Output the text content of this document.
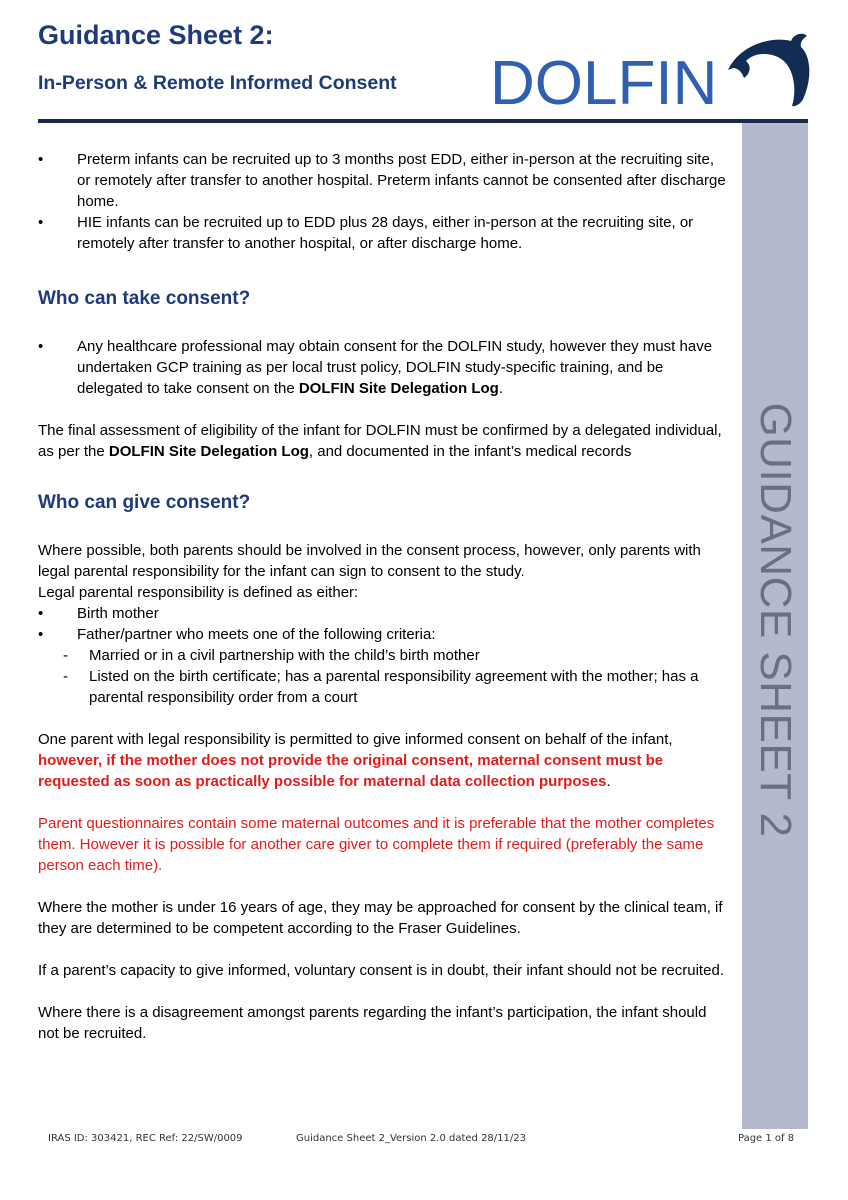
Guidance Sheet 2:
In-Person & Remote Informed Consent DOLFIN
GUIDANCE SHEET 2
• Preterm infants can be recruited up to 3 months post EDD, either in-person at the recruiting site, or remotely after transfer to another hospital. Preterm infants cannot be consented after discharge home.
• HIE infants can be recruited up to EDD plus 28 days, either in-person at the recruiting site, or remotely after transfer to another hospital, or after discharge home.
Who can take consent?
• Any healthcare professional may obtain consent for the DOLFIN study, however they must have undertaken GCP training as per local trust policy, DOLFIN study-specific training, and be delegated to take consent on the DOLFIN Site Delegation Log.

The final assessment of eligibility of the infant for DOLFIN must be confirmed by a delegated individual, as per the DOLFIN Site Delegation Log, and documented in the infant’s medical records

Who can give consent?

Where possible, both parents should be involved in the consent process, however, only parents with legal parental responsibility for the infant can sign to consent to the study.

Legal parental responsibility is defined as either:

• Birth mother
• Father/partner who meets one of the following criteria:
- Married or in a civil partnership with the child’s birth mother
- Listed on the birth certificate; has a parental responsibility agreement with the mother; has a parental responsibility order from a court

One parent with legal responsibility is permitted to give informed consent on behalf of the infant, however, if the mother does not provide the original consent, maternal consent must be requested as soon as practically possible for maternal data collection purposes.

Parent questionnaires contain some maternal outcomes and it is preferable that the mother completes them. However it is possible for another care giver to complete them if required (preferably the same person each time).

Where the mother is under 16 years of age, they may be approached for consent by the clinical team, if they are determined to be competent according to the Fraser Guidelines.

If a parent’s capacity to give informed, voluntary consent is in doubt, their infant should not be recruited.

Where there is a disagreement amongst parents regarding the infant’s participation, the infant should not be recruited.

IRAS ID: 303421, REC Ref: 22/SW/0009	Guidance Sheet 2_Version 2.0 dated 28/11/23	Page 1 of 8
